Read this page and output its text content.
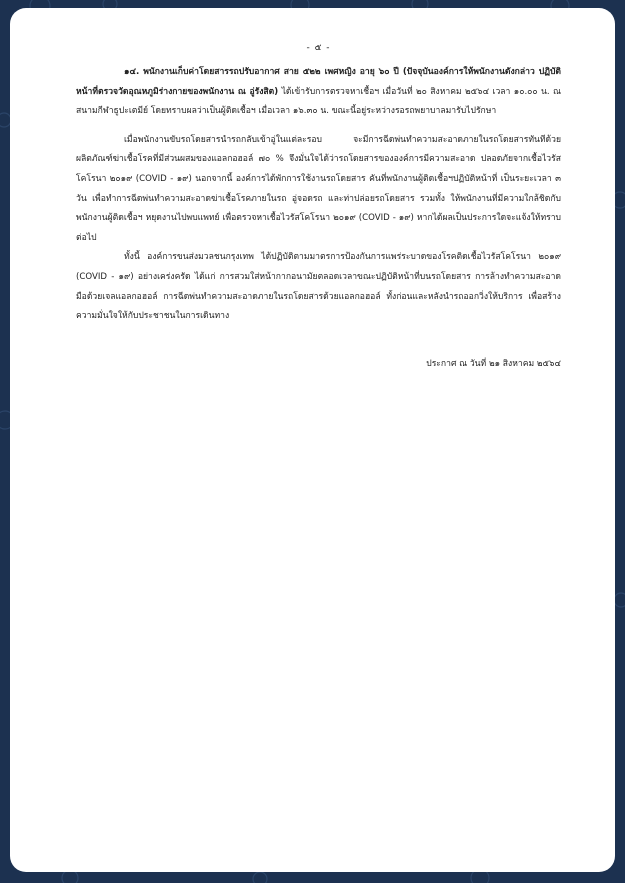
- ๕ -

๑๔. พนักงานเก็บค่าโดยสารรถปรับอากาศ สาย ๕๒๒ เพศหญิง อายุ ๖๐ ปี (ปัจจุบันองค์การให้พนักงานดังกล่าว ปฏิบัติหน้าที่ตรวจวัดอุณหภูมิร่างกายของพนักงาน ณ อู่รังสิต) ได้เข้ารับการตรวจหาเชื้อฯ เมื่อวันที่ ๒๐ สิงหาคม ๒๕๖๔ เวลา ๑๐.๐๐ น. ณ สนามกีฬาธูปะเตมีย์ โดยทราบผลว่าเป็นผู้ติดเชื้อฯ เมื่อเวลา ๑๖.๓๐ น. ขณะนี้อยู่ระหว่างรอรถพยาบาลมารับไปรักษา

เมื่อพนักงานขับรถโดยสารนำรถกลับเข้าอู่ในแต่ละรอบ จะมีการฉีดพ่นทำความสะอาดภายในรถโดยสารทันทีด้วยผลิตภัณฑ์ฆ่าเชื้อโรคที่มีส่วนผสมของแอลกอฮอล์ ๗๐ % จึงมั่นใจได้ว่ารถโดยสารขององค์การมีความสะอาด ปลอดภัยจากเชื้อไวรัสโคโรนา ๒๐๑๙ (COVID - ๑๙) นอกจากนี้ องค์การได้พักการใช้งานรถโดยสาร คันที่พนักงานผู้ติดเชื้อฯปฏิบัติหน้าที่ เป็นระยะเวลา ๓ วัน เพื่อทำการฉีดพ่นทำความสะอาดฆ่าเชื้อโรคภายในรถ อู่จอดรถ และท่าปล่อยรถโดยสาร รวมทั้ง ให้พนักงานที่มีความใกล้ชิดกับพนักงานผู้ติดเชื้อฯ หยุดงานไปพบแพทย์ เพื่อตรวจหาเชื้อไวรัสโคโรนา ๒๐๑๙ (COVID - ๑๙) หากได้ผลเป็นประการใดจะแจ้งให้ทราบต่อไป

ทั้งนี้ องค์การขนส่งมวลชนกรุงเทพ ได้ปฏิบัติตามมาตรการป้องกันการแพร่ระบาดของโรคติดเชื้อไวรัสโคโรนา ๒๐๑๙ (COVID - ๑๙) อย่างเคร่งครัด ได้แก่ การสวมใส่หน้ากากอนามัยตลอดเวลาขณะปฏิบัติหน้าที่บนรถโดยสาร การล้างทำความสะอาดมือด้วยเจลแอลกอฮอล์ การฉีดพ่นทำความสะอาดภายในรถโดยสารด้วยแอลกอฮอล์ ทั้งก่อนและหลังนำรถออกวิ่งให้บริการ เพื่อสร้างความมั่นใจให้กับประชาชนในการเดินทาง

ประกาศ ณ วันที่ ๒๑ สิงหาคม ๒๕๖๔
